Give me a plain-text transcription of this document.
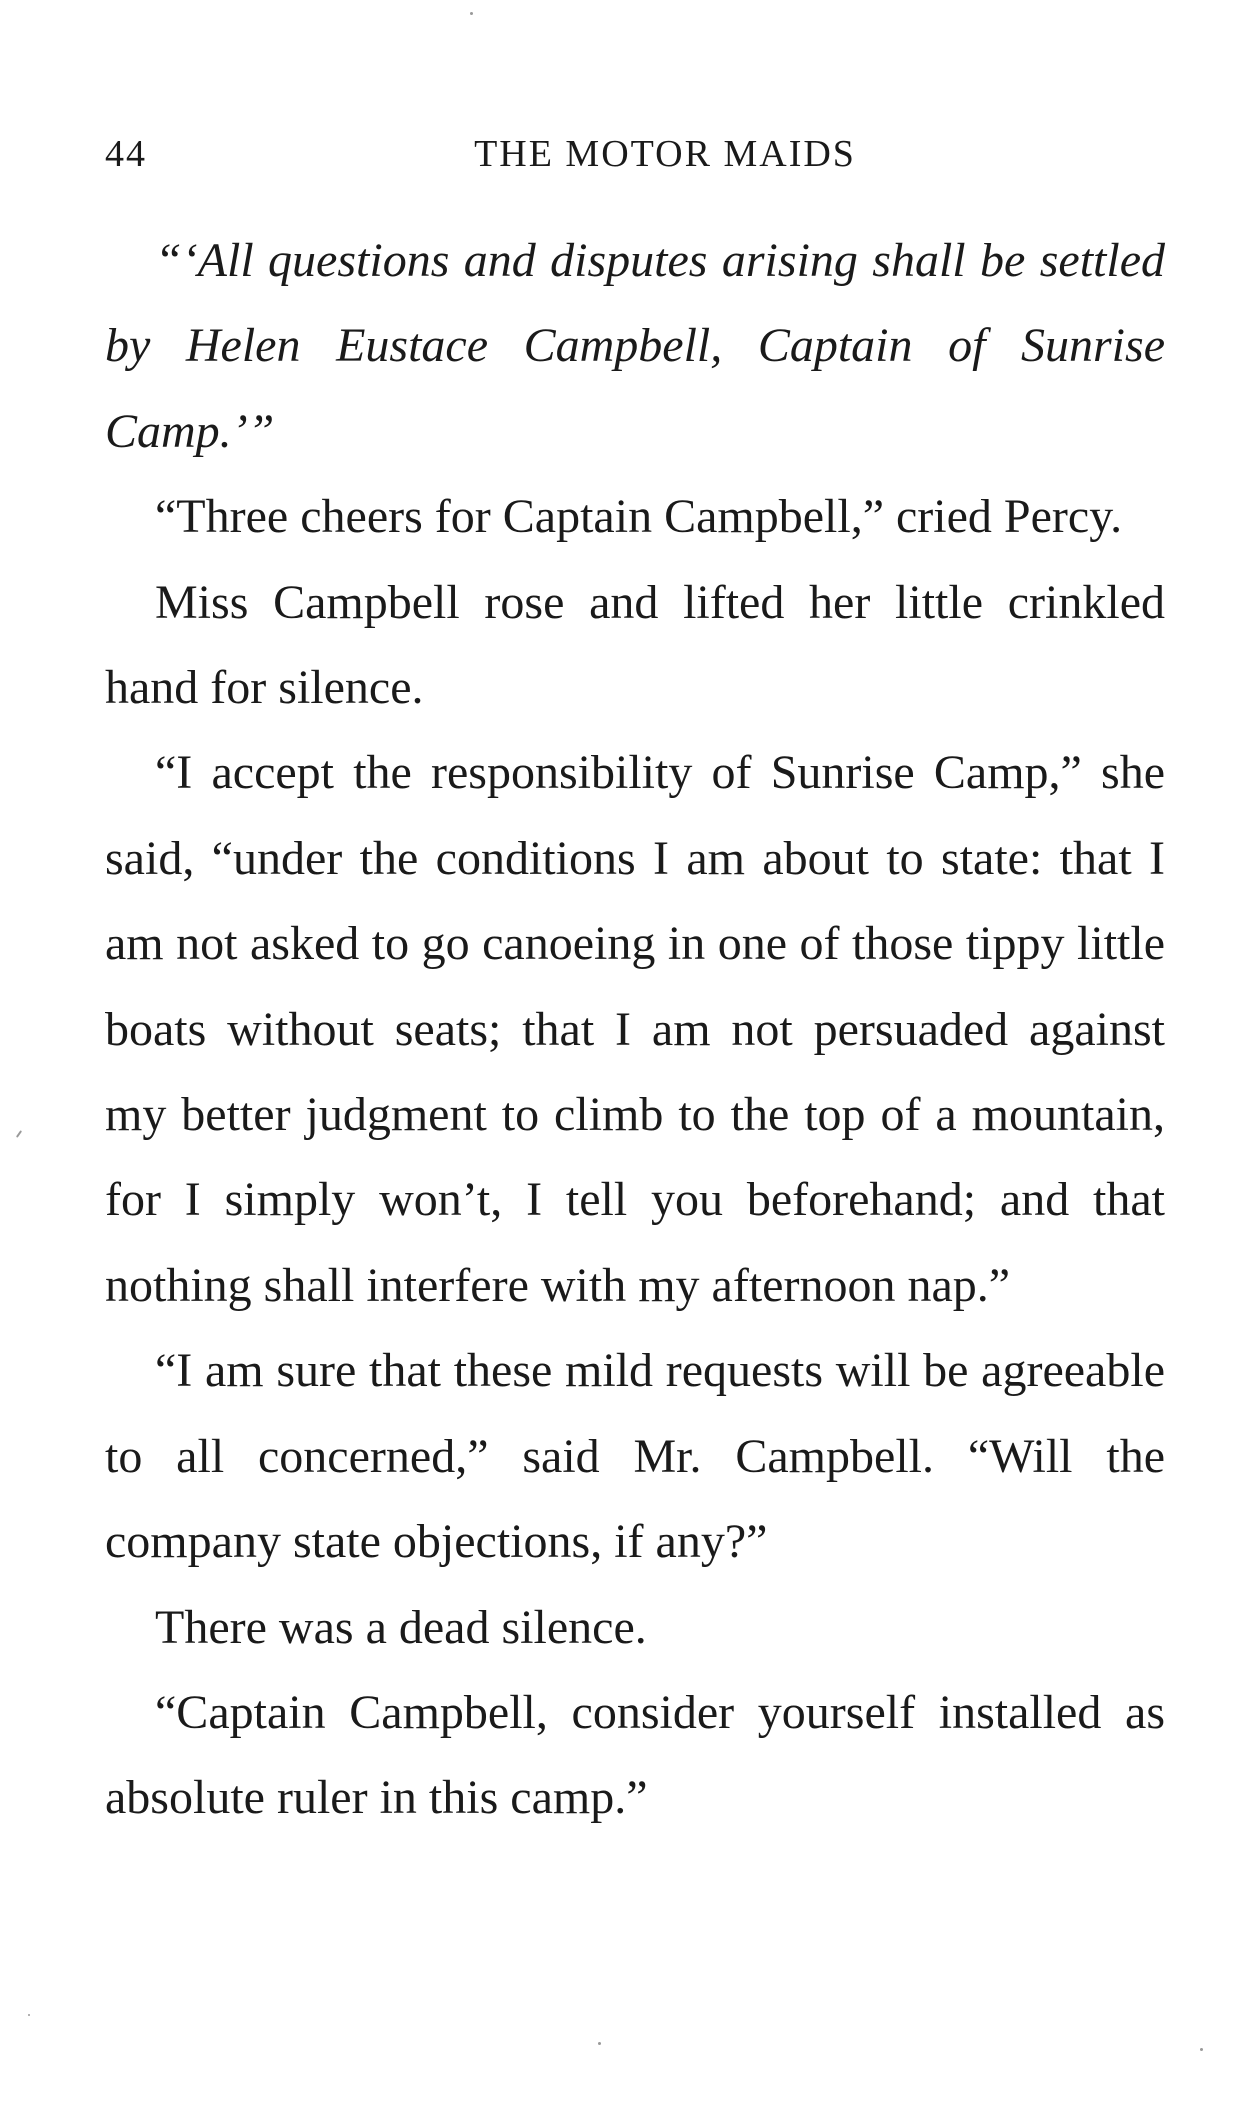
44	THE MOTOR MAIDS

“‘All questions and disputes arising shall be settled by Helen Eustace Campbell, Captain of Sunrise Camp.’”

“Three cheers for Captain Campbell,” cried Percy.

Miss Campbell rose and lifted her little crinkled hand for silence.

“I accept the responsibility of Sunrise Camp,” she said, “under the conditions I am about to state: that I am not asked to go canoeing in one of those tippy little boats without seats; that I am not persuaded against my better judgment to climb to the top of a mountain, for I simply won’t, I tell you beforehand; and that nothing shall interfere with my afternoon nap.”

“I am sure that these mild requests will be agreeable to all concerned,” said Mr. Campbell. “Will the company state objections, if any?”

There was a dead silence.

“Captain Campbell, consider yourself installed as absolute ruler in this camp.”
